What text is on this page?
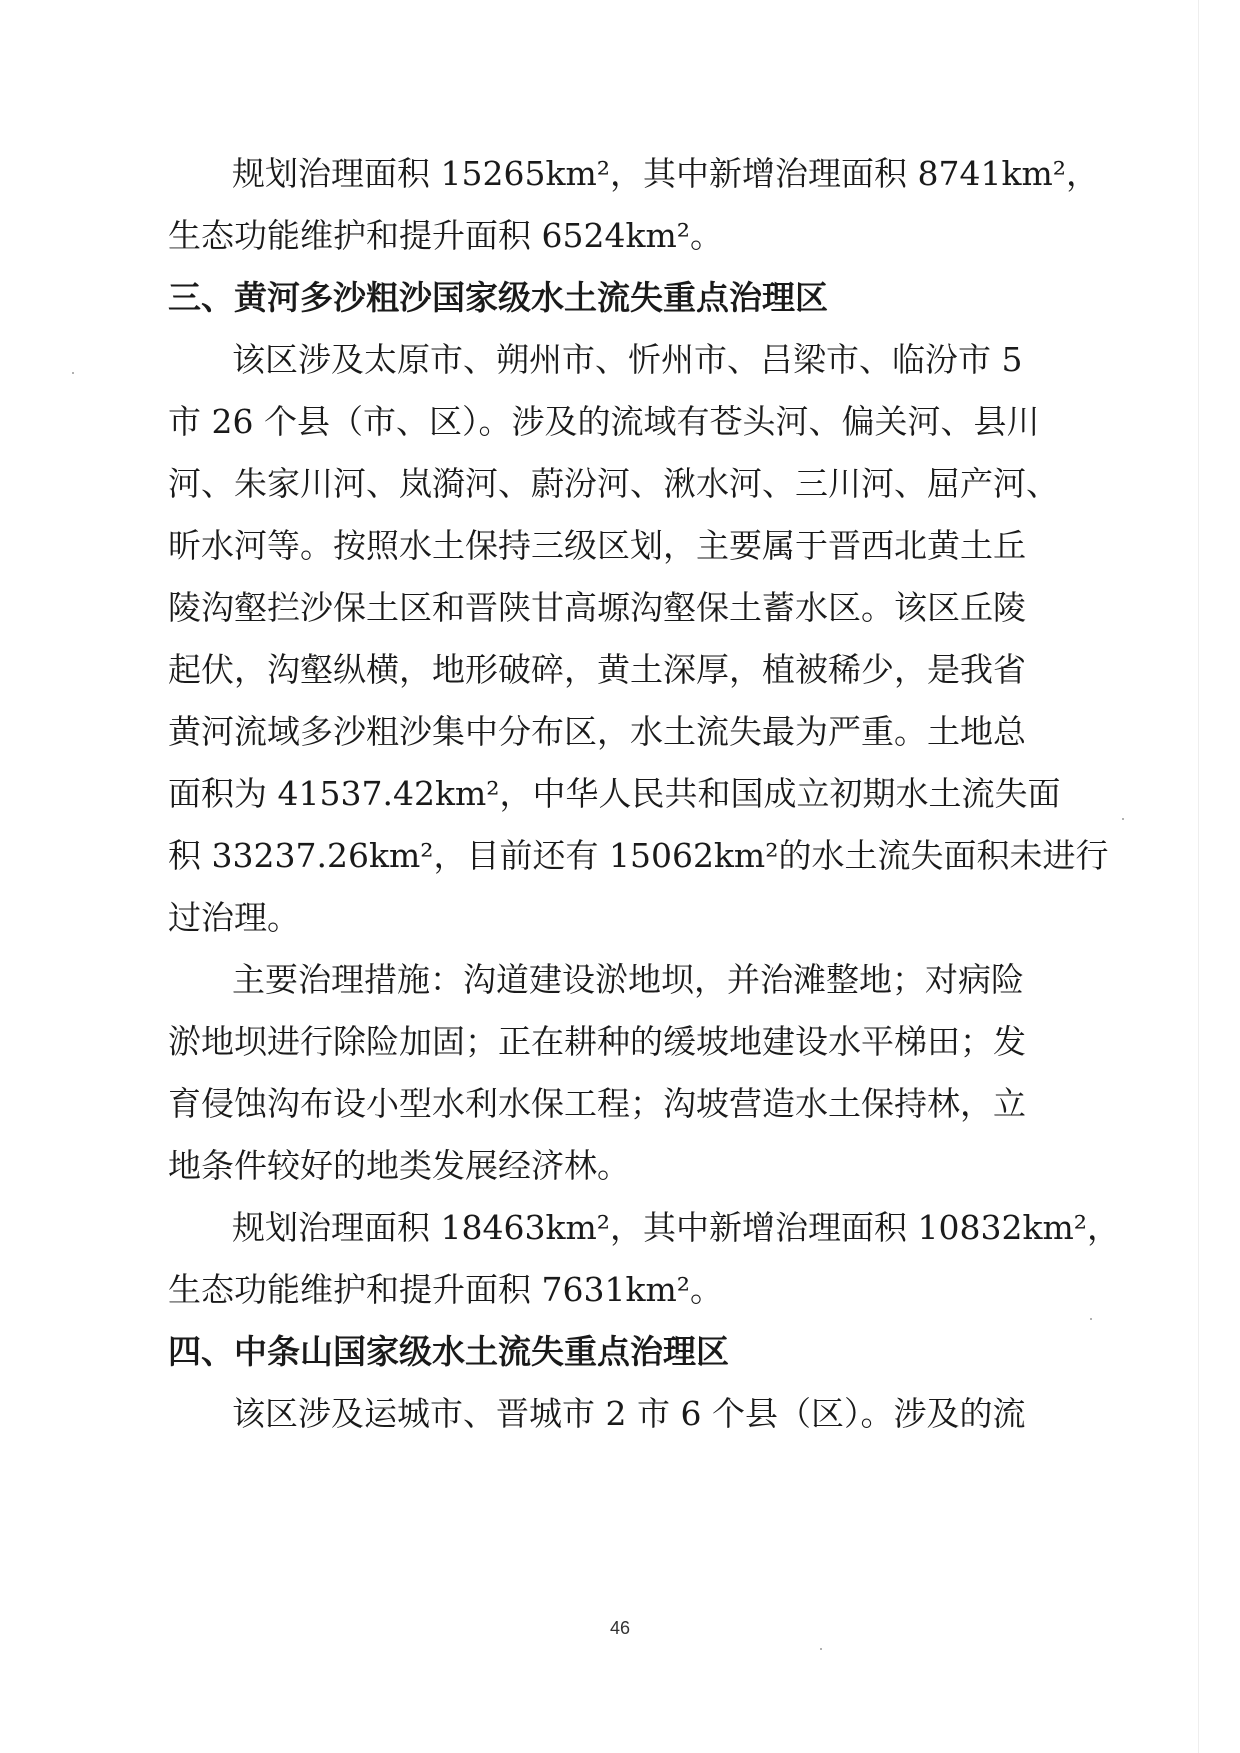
规划治理面积 15265km²，其中新增治理面积 8741km²，
生态功能维护和提升面积 6524km²。
三、黄河多沙粗沙国家级水土流失重点治理区
该区涉及太原市、朔州市、忻州市、吕梁市、临汾市 5
市 26 个县（市、区）。涉及的流域有苍头河、偏关河、县川
河、朱家川河、岚漪河、蔚汾河、湫水河、三川河、屈产河、
昕水河等。按照水土保持三级区划，主要属于晋西北黄土丘
陵沟壑拦沙保土区和晋陕甘高塬沟壑保土蓄水区。该区丘陵
起伏，沟壑纵横，地形破碎，黄土深厚，植被稀少，是我省
黄河流域多沙粗沙集中分布区，水土流失最为严重。土地总
面积为 41537.42km²，中华人民共和国成立初期水土流失面
积 33237.26km²，目前还有 15062km²的水土流失面积未进行
过治理。
主要治理措施：沟道建设淤地坝，并治滩整地；对病险
淤地坝进行除险加固；正在耕种的缓坡地建设水平梯田；发
育侵蚀沟布设小型水利水保工程；沟坡营造水土保持林，立
地条件较好的地类发展经济林。
规划治理面积 18463km²，其中新增治理面积 10832km²，
生态功能维护和提升面积 7631km²。
四、中条山国家级水土流失重点治理区
该区涉及运城市、晋城市 2 市 6 个县（区）。涉及的流
46
